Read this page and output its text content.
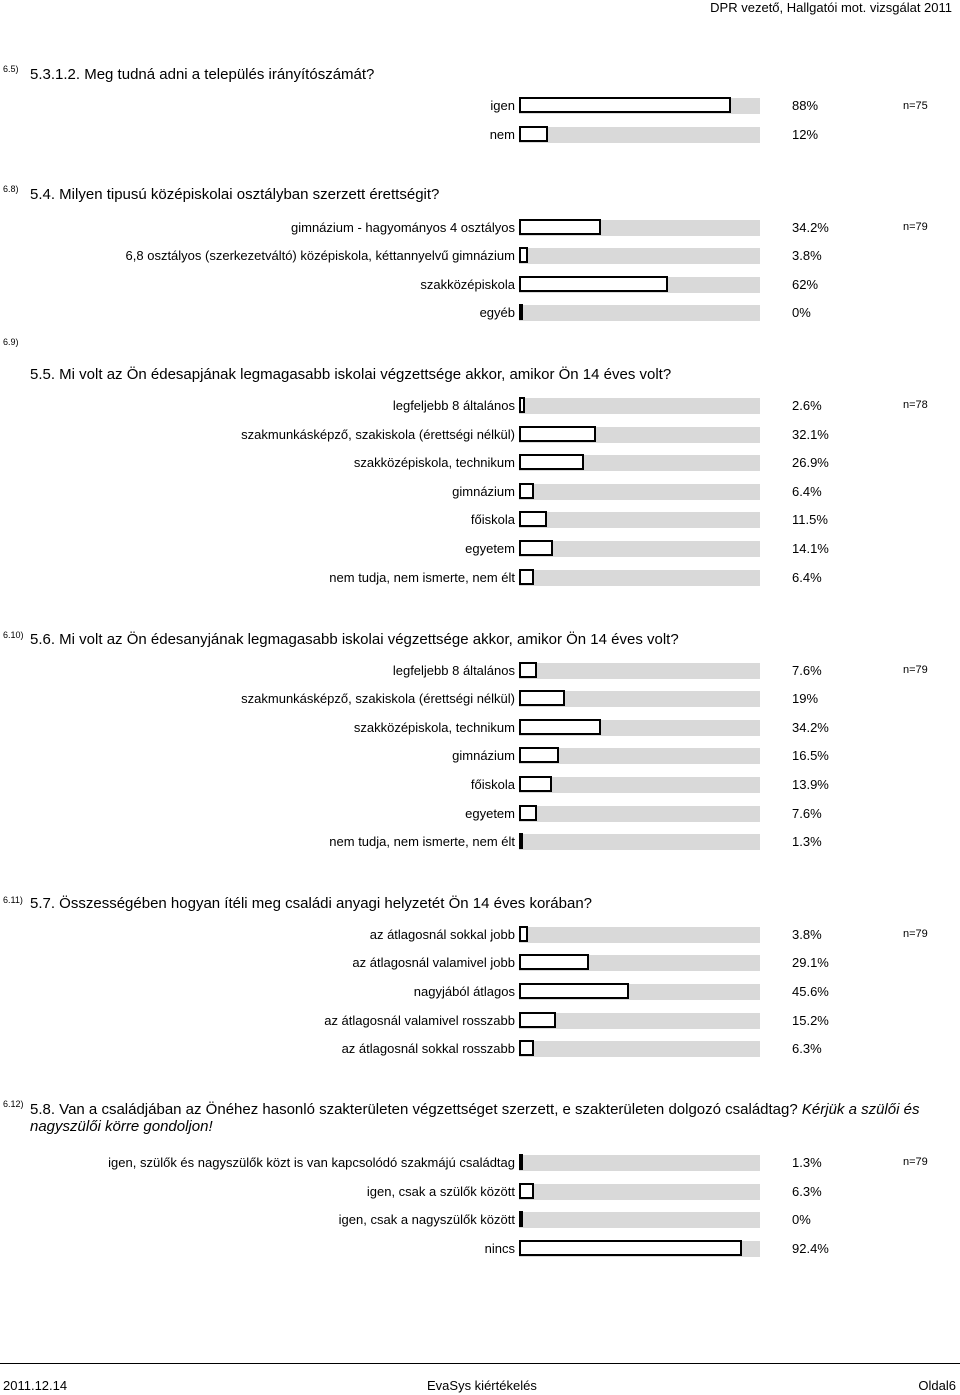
DPR vezető, Hallgatói mot. vizsgálat 2011
6.5) 5.3.1.2. Meg tudná adni a település irányítószámát?
n=75
igen	88%
nem	12%
6.8) 5.4. Milyen tipusú középiskolai osztályban szerzett érettségit?
n=79
gimnázium - hagyományos 4 osztályos	34.2%
6,8 osztályos (szerkezetváltó) középiskola, kéttannyelvű gimnázium	3.8%
szakközépiskola	62%
egyéb	0%
6.9)
5.5. Mi volt az Ön édesapjának legmagasabb iskolai végzettsége akkor, amikor Ön 14 éves volt?
n=78
legfeljebb 8 általános	2.6%
szakmunkásképző, szakiskola (érettségi nélkül)	32.1%
szakközépiskola, technikum	26.9%
gimnázium	6.4%
főiskola	11.5%
egyetem	14.1%
nem tudja, nem ismerte, nem élt	6.4%
6.10) 5.6. Mi volt az Ön édesanyjának legmagasabb iskolai végzettsége akkor, amikor Ön 14 éves volt?
n=79
legfeljebb 8 általános	7.6%
szakmunkásképző, szakiskola (érettségi nélkül)	19%
szakközépiskola, technikum	34.2%
gimnázium	16.5%
főiskola	13.9%
egyetem	7.6%
nem tudja, nem ismerte, nem élt	1.3%
6.11) 5.7. Összességében hogyan ítéli meg családi anyagi helyzetét Ön 14 éves korában?
n=79
az átlagosnál sokkal jobb	3.8%
az átlagosnál valamivel jobb	29.1%
nagyjából átlagos	45.6%
az átlagosnál valamivel rosszabb	15.2%
az átlagosnál sokkal rosszabb	6.3%
6.12) 5.8. Van a családjában az Önéhez hasonló szakterületen végzettséget szerzett, e szakterületen dolgozó családtag? Kérjük a szülői és nagyszülői körre gondoljon!
n=79
igen, szülők és nagyszülők közt is van kapcsolódó szakmájú családtag	1.3%
igen, csak a szülők között	6.3%
igen, csak a nagyszülők között	0%
nincs	92.4%
2011.12.14	EvaSys kiértékelés	Oldal6
